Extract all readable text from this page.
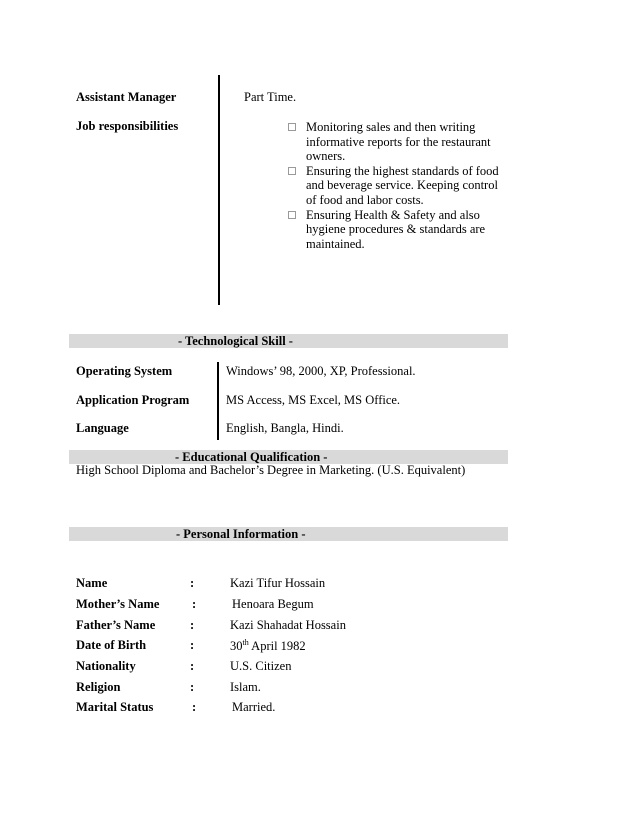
Assistant Manager	Part Time.
Job responsibilities	Monitoring sales and then writing informative reports for the restaurant owners.
Ensuring the highest standards of food and beverage service. Keeping control of food and labor costs.
Ensuring Health & Safety and also hygiene procedures & standards are maintained.
- Technological Skill -
Operating System	Windows’ 98, 2000, XP, Professional.
Application Program	MS Access, MS Excel, MS Office.
Language	English, Bangla, Hindi.
- Educational Qualification -
High School Diploma and Bachelor’s Degree in Marketing. (U.S. Equivalent)
- Personal Information -
Name	:	Kazi Tifur Hossain
Mother’s Name	:	Henoara Begum
Father’s Name	:	Kazi Shahadat Hossain
Date of Birth	:	30th April 1982
Nationality	:	U.S. Citizen
Religion	:	Islam.
Marital Status	:	Married.
